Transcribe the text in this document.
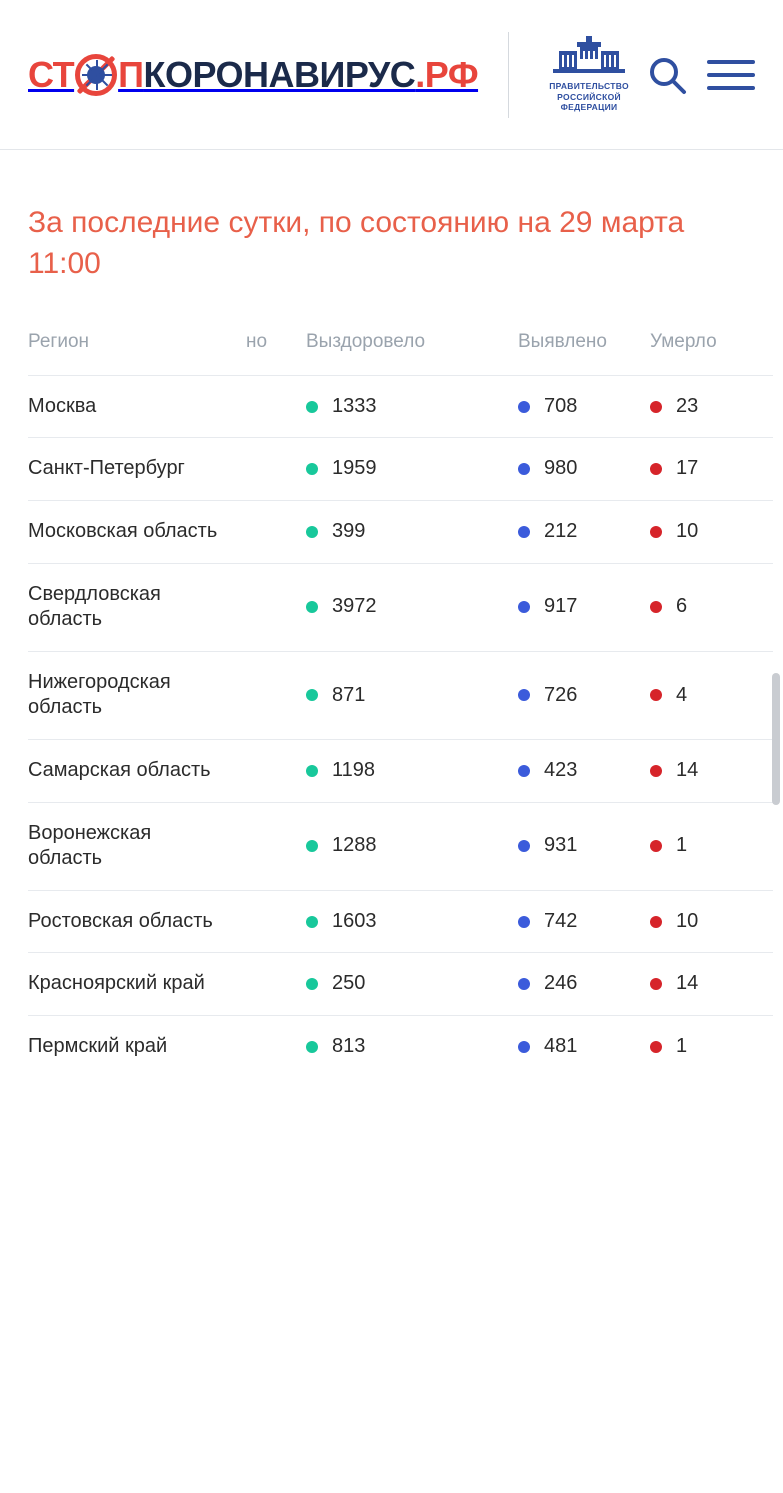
СТ П КОРОНАВИРУС .РФ	ПРАВИТЕЛЬСТВО
РОССИЙСКОЙ
ФЕДЕРАЦИИ
За последние сутки, по состоянию на 29 марта 11:00
Регион	но	Выздоровело	Выявлено	Умерло
Москва		1333	708	23

Санкт-Петербург		1959	980	17

Московская область		399	212	10

Свердловская область		3972	917	6

Нижегородская область		871	726	4

Самарская область		1198	423	14

Воронежская область		1288	931	1

Ростовская область		1603	742	10

Красноярский край		250	246	14

Пермский край		813	481	1
